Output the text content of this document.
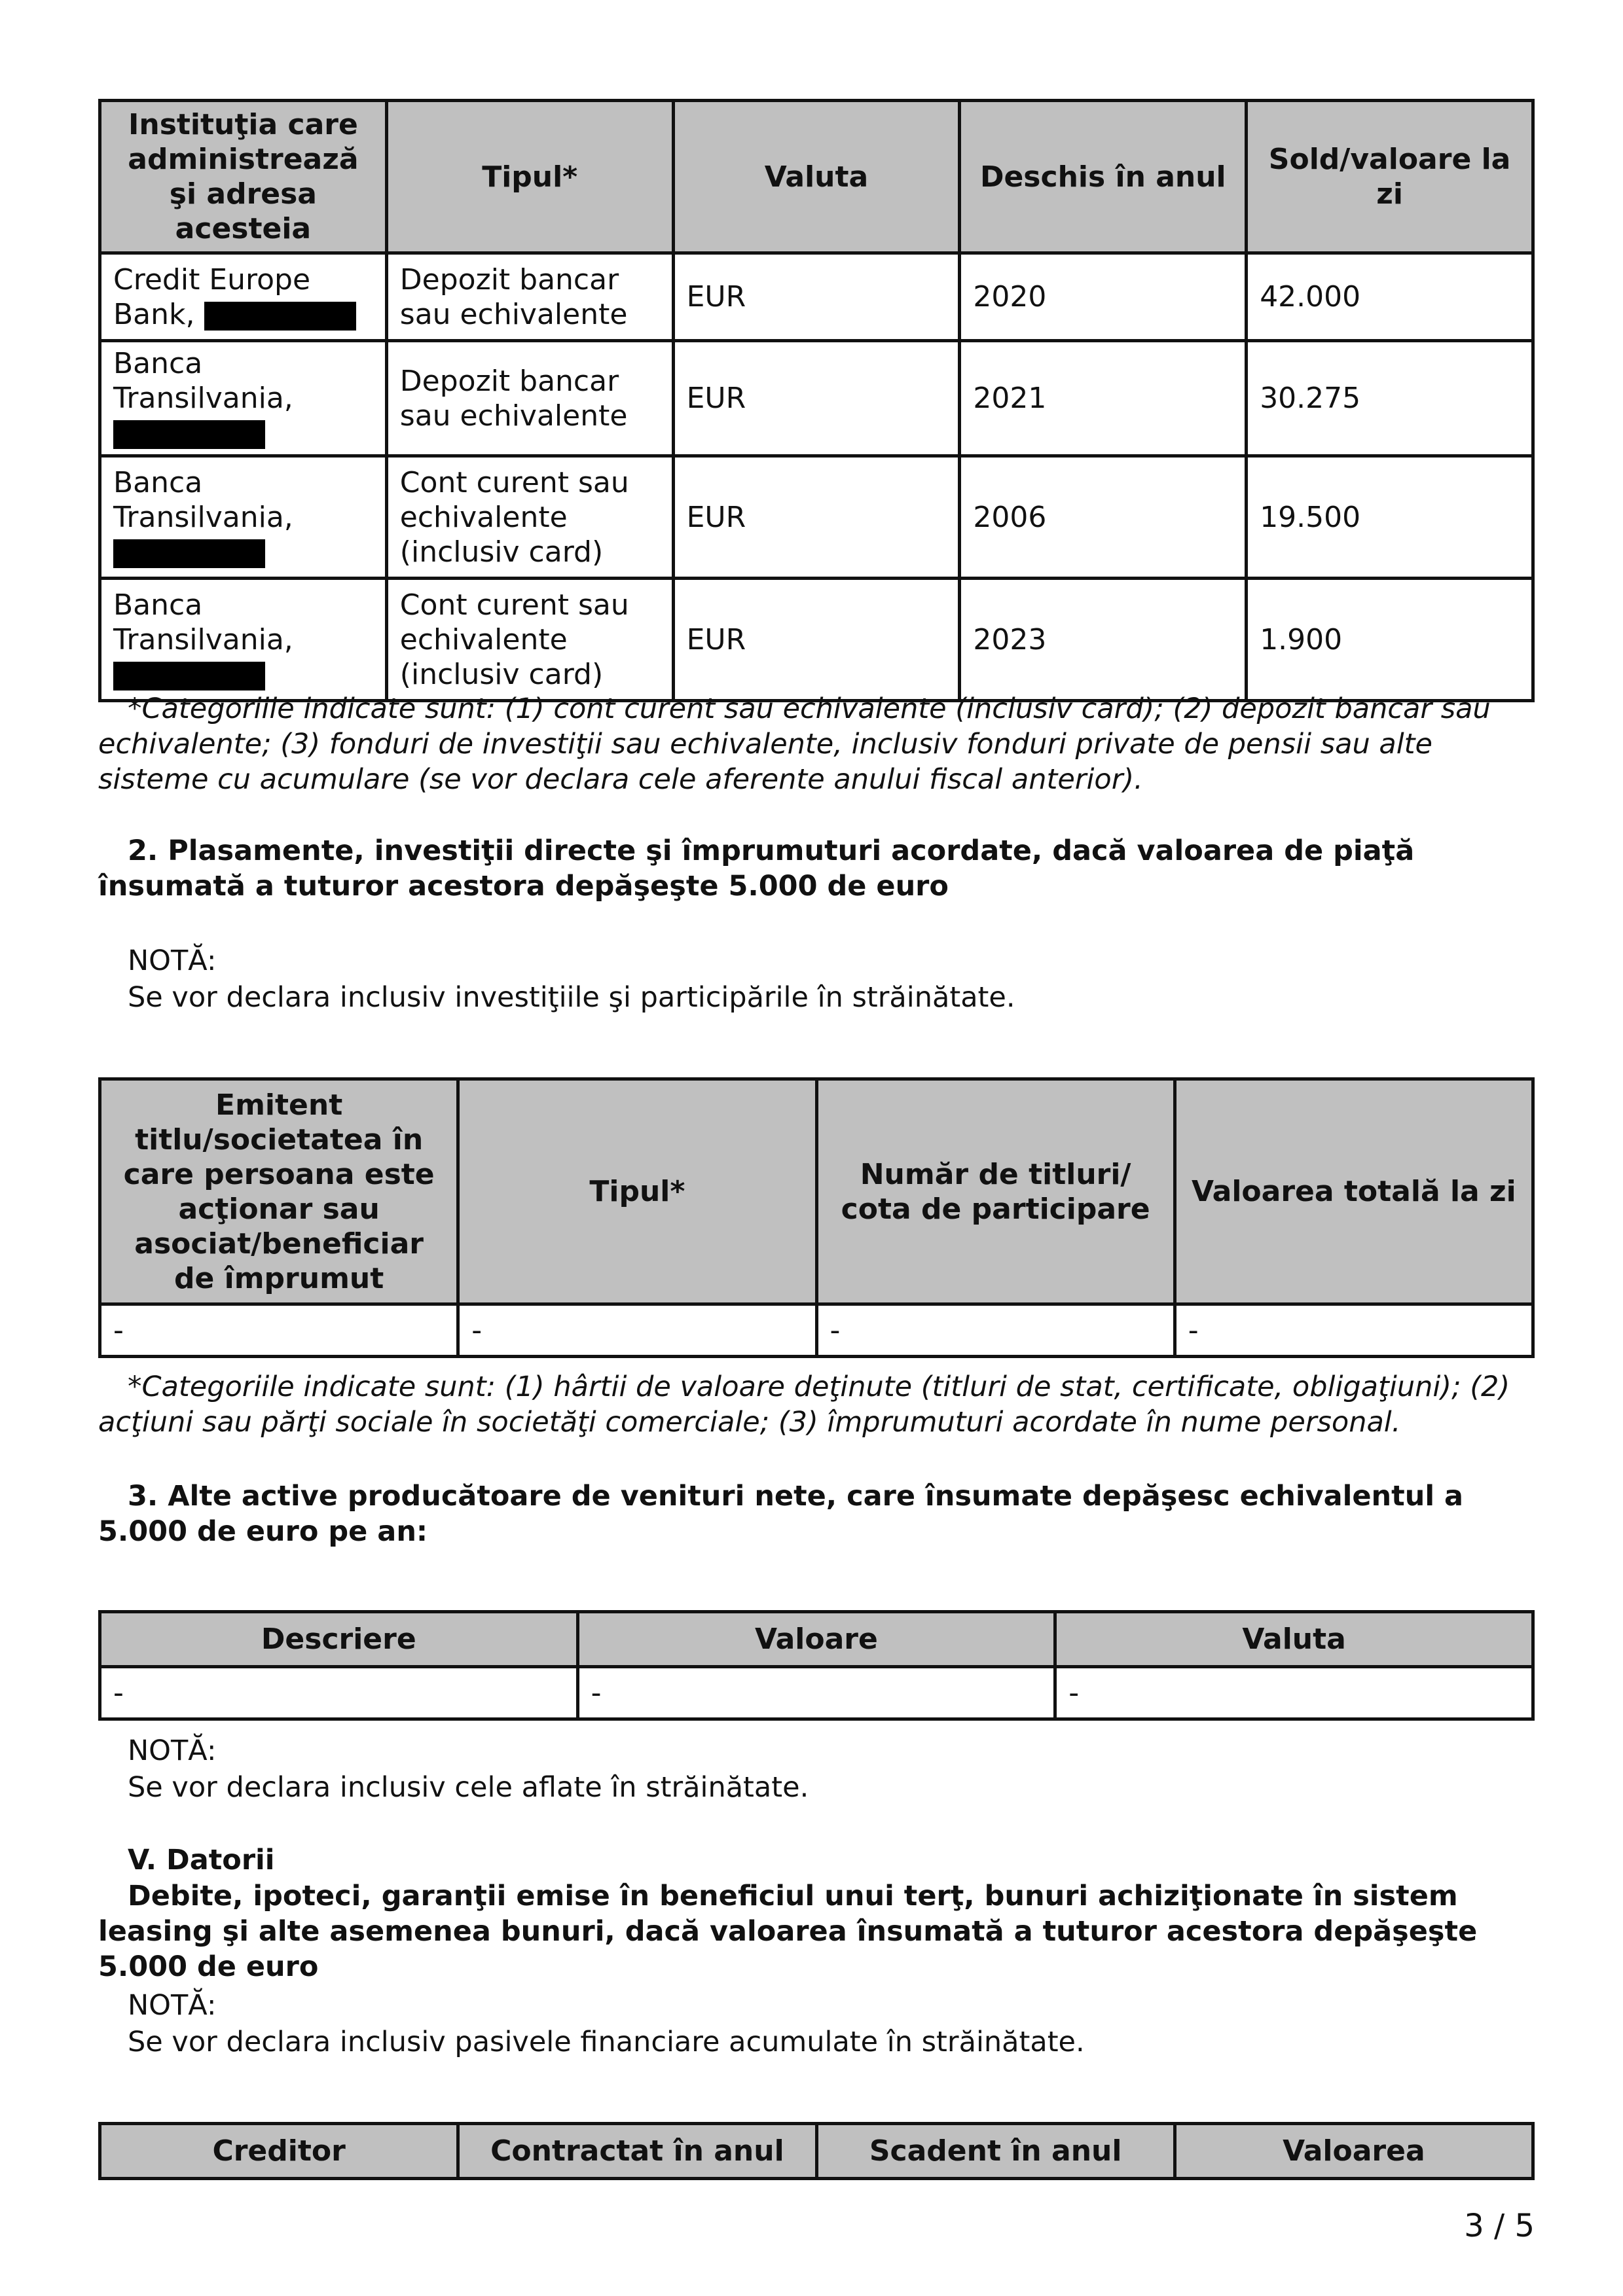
Instituţia care administrează şi adresa acesteia	Tipul*	Valuta	Deschis în anul	Sold/valoare la zi
Credit Europe Bank,	Depozit bancar sau echivalente	EUR	2020	42.000

Banca Transilvania,	Depozit bancar sau echivalente	EUR	2021	30.275

Banca Transilvania,	Cont curent sau echivalente (inclusiv card)	EUR	2006	19.500

Banca Transilvania,	Cont curent sau echivalente (inclusiv card)	EUR	2023	1.900

*Categoriile indicate sunt: (1) cont curent sau echivalente (inclusiv card); (2) depozit bancar sau echivalente; (3) fonduri de investiţii sau echivalente, inclusiv fonduri private de pensii sau alte sisteme cu acumulare (se vor declara cele aferente anului fiscal anterior).

2. Plasamente, investiţii directe şi împrumuturi acordate, dacă valoarea de piaţă însumată a tuturor acestora depăşeşte 5.000 de euro

NOTĂ:

Se vor declara inclusiv investiţiile şi participările în străinătate.

Emitent titlu/societatea în care persoana este acţionar sau asociat/beneficiar de împrumut	Tipul*	Număr de titluri/ cota de participare	Valoarea totală la zi
-	-	-	-

*Categoriile indicate sunt: (1) hârtii de valoare deţinute (titluri de stat, certificate, obligaţiuni); (2) acţiuni sau părţi sociale în societăţi comerciale; (3) împrumuturi acordate în nume personal.

3. Alte active producătoare de venituri nete, care însumate depăşesc echivalentul a 5.000 de euro pe an:

Descriere	Valoare	Valuta
-	-	-

NOTĂ:

Se vor declara inclusiv cele aflate în străinătate.

V. Datorii

Debite, ipoteci, garanţii emise în beneficiul unui terţ, bunuri achiziţionate în sistem leasing şi alte asemenea bunuri, dacă valoarea însumată a tuturor acestora depăşeşte 5.000 de euro

NOTĂ:

Se vor declara inclusiv pasivele financiare acumulate în străinătate.

Creditor	Contractat în anul	Scadent în anul	Valoarea
3 / 5
